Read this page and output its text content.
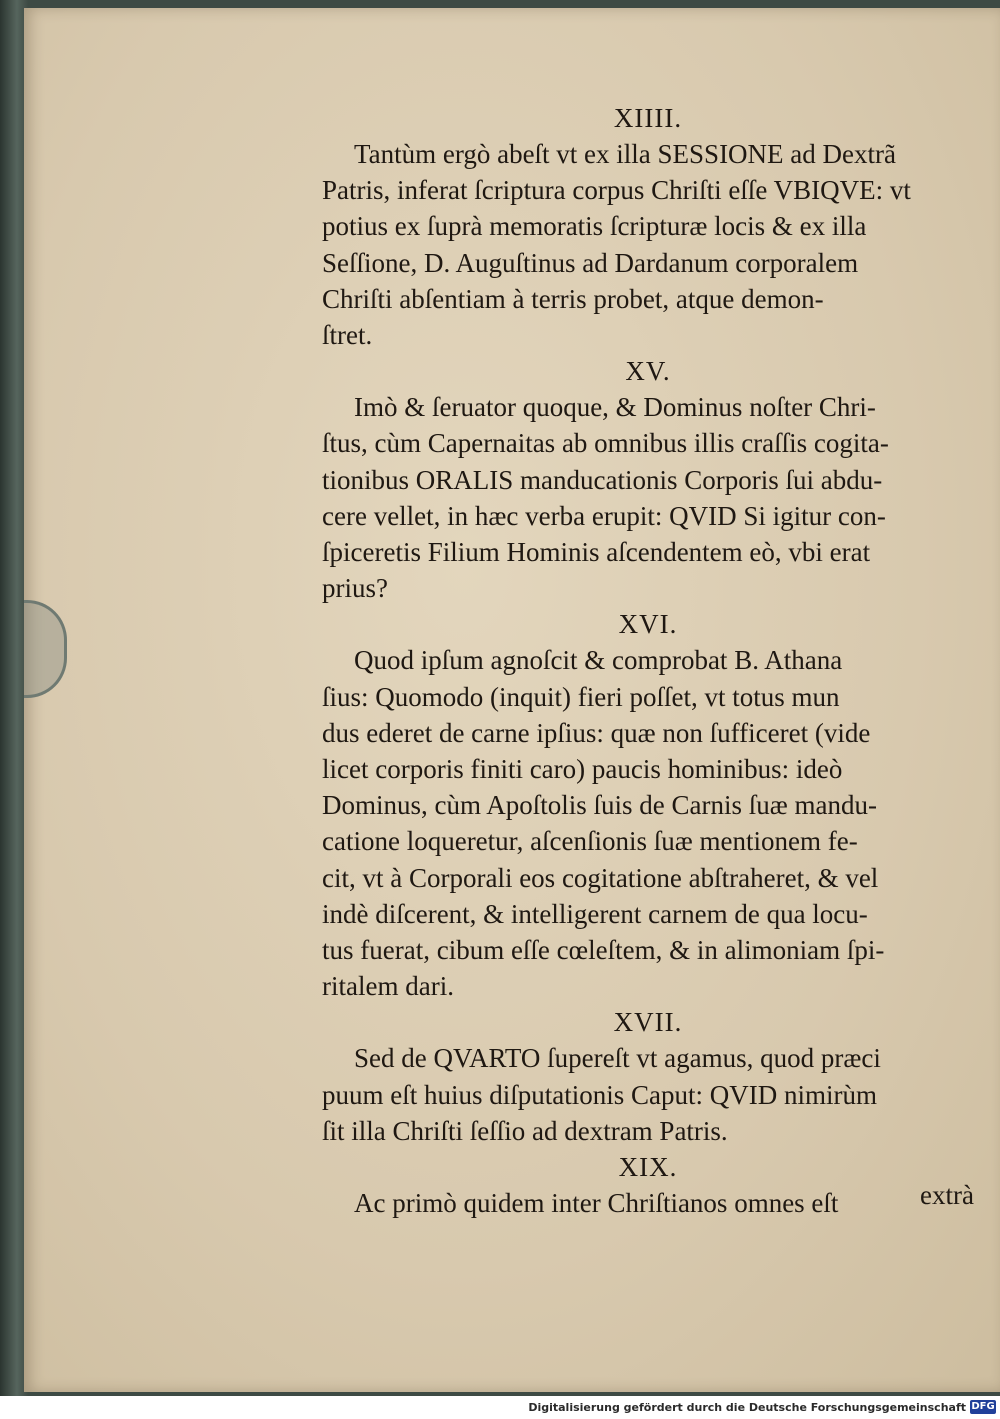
XIIII.
Tantùm ergò abeſt vt ex illa SESSIONE ad Dextrã
Patris, inferat ſcriptura corpus Chriſti eſſe VBIQVE: vt
potius ex ſuprà memoratis ſcripturæ locis & ex illa
Seſſione, D. Auguſtinus ad Dardanum corporalem
Chriſti abſentiam à terris probet, atque demon-
ſtret.
XV.
Imò & ſeruator quoque, & Dominus noſter Chri-
ſtus, cùm Capernaitas ab omnibus illis craſſis cogita-
tionibus ORALIS manducationis Corporis ſui abdu-
cere vellet, in hæc verba erupit: QVID Si igitur con-
ſpiceretis Filium Hominis aſcendentem eò, vbi erat
prius?
XVI.
Quod ipſum agnoſcit & comprobat B. Athana
ſius: Quomodo (inquit) fieri poſſet, vt totus mun
dus ederet de carne ipſius: quæ non ſufficeret (vide
licet corporis finiti caro) paucis hominibus: ideò
Dominus, cùm Apoſtolis ſuis de Carnis ſuæ mandu-
catione loqueretur, aſcenſionis ſuæ mentionem fe-
cit, vt à Corporali eos cogitatione abſtraheret, & vel
indè diſcerent, & intelligerent carnem de qua locu-
tus fuerat, cibum eſſe cœleſtem, & in alimoniam ſpi-
ritalem dari.
XVII.
Sed de QVARTO ſupereſt vt agamus, quod præci
puum eſt huius diſputationis Caput: QVID nimirùm
ſit illa Chriſti ſeſſio ad dextram Patris.
XIX.
Ac primò quidem inter Chriſtianos omnes eſt	extrà
Digitalisierung gefördert durch die Deutsche Forschungsgemeinschaft DFG
